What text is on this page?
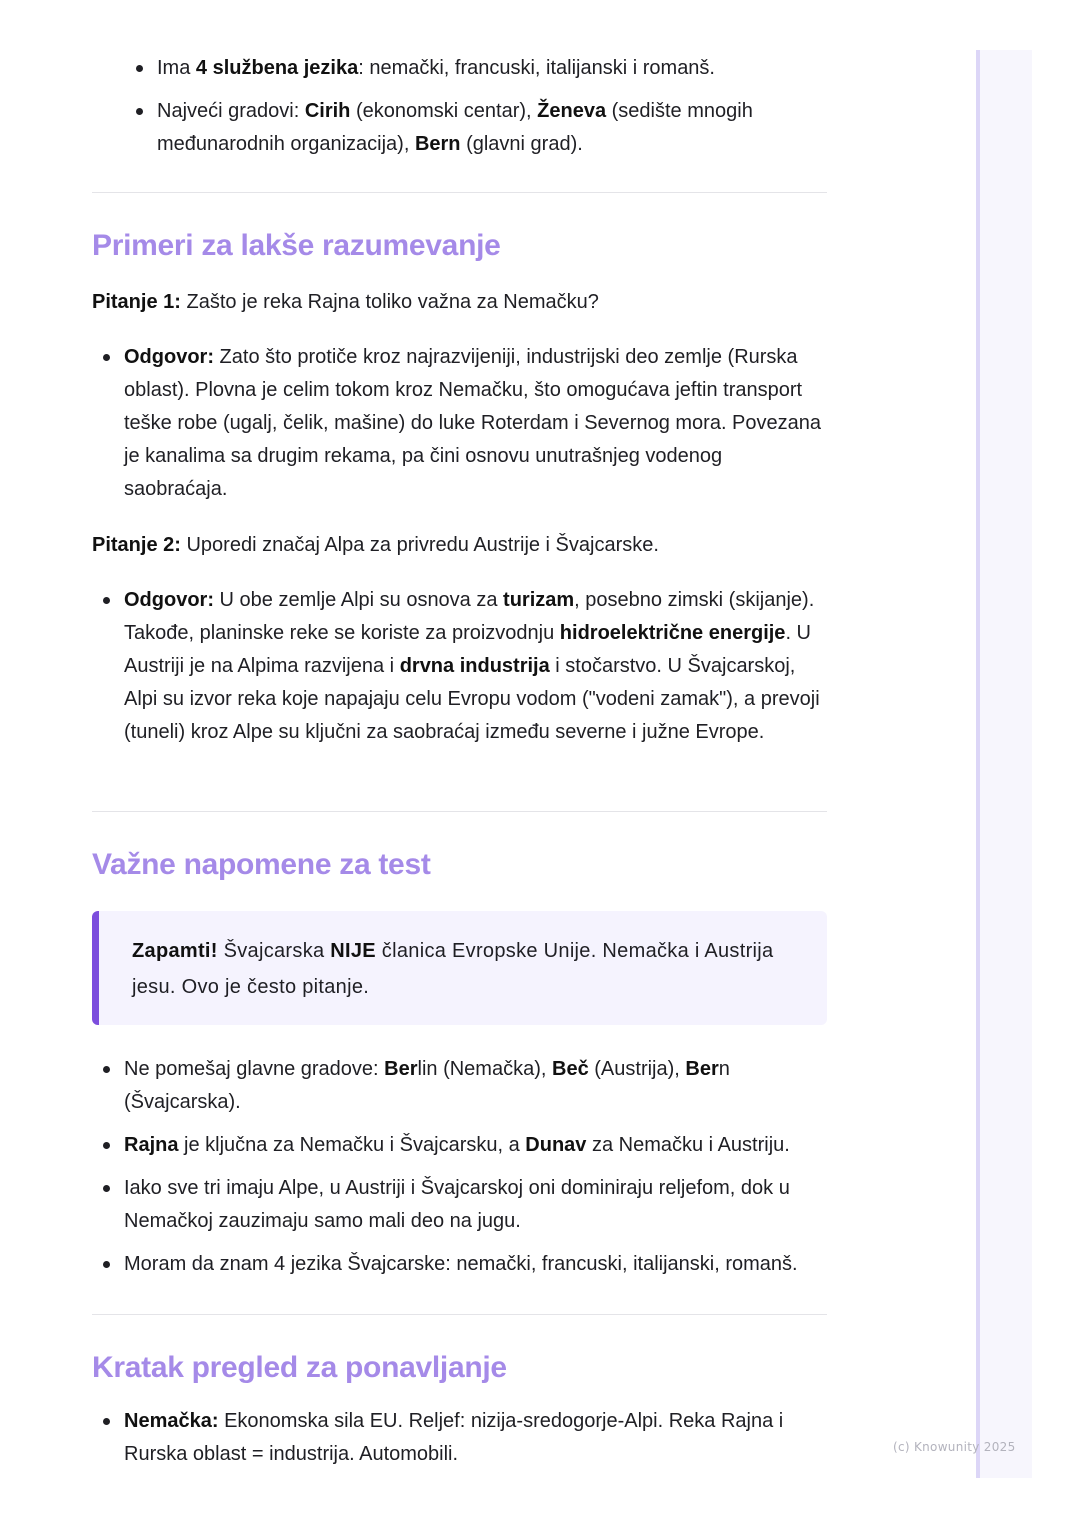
Ima 4 službena jezika: nemački, francuski, italijanski i romanš.
Najveći gradovi: Cirih (ekonomski centar), Ženeva (sedište mnogih međunarodnih organizacija), Bern (glavni grad).
Primeri za lakše razumevanje

Pitanje 1: Zašto je reka Rajna toliko važna za Nemačku?

Odgovor: Zato što protiče kroz najrazvijeniji, industrijski deo zemlje (Rurska oblast). Plovna je celim tokom kroz Nemačku, što omogućava jeftin transport teške robe (ugalj, čelik, mašine) do luke Roterdam i Severnog mora. Povezana je kanalima sa drugim rekama, pa čini osnovu unutrašnjeg vodenog saobraćaja.

Pitanje 2: Uporedi značaj Alpa za privredu Austrije i Švajcarske.

Odgovor: U obe zemlje Alpi su osnova za turizam, posebno zimski (skijanje). Takođe, planinske reke se koriste za proizvodnju hidroelektrične energije. U Austriji je na Alpima razvijena i drvna industrija i stočarstvo. U Švajcarskoj, Alpi su izvor reka koje napajaju celu Evropu vodom ("vodeni zamak"), a prevoji (tuneli) kroz Alpe su ključni za saobraćaj između severne i južne Evrope.
Važne napomene za test
Zapamti! Švajcarska NIJE članica Evropske Unije. Nemačka i Austrija jesu. Ovo je često pitanje.
Ne pomešaj glavne gradove: Berlin (Nemačka), Beč (Austrija), Bern (Švajcarska).
Rajna je ključna za Nemačku i Švajcarsku, a Dunav za Nemačku i Austriju.
Iako sve tri imaju Alpe, u Austriji i Švajcarskoj oni dominiraju reljefom, dok u Nemačkoj zauzimaju samo mali deo na jugu.
Moram da znam 4 jezika Švajcarske: nemački, francuski, italijanski, romanš.
Kratak pregled za ponavljanje
Nemačka: Ekonomska sila EU. Reljef: nizija-sredogorje-Alpi. Reka Rajna i Rurska oblast = industrija. Automobili.	(c) Knowunity 2025
